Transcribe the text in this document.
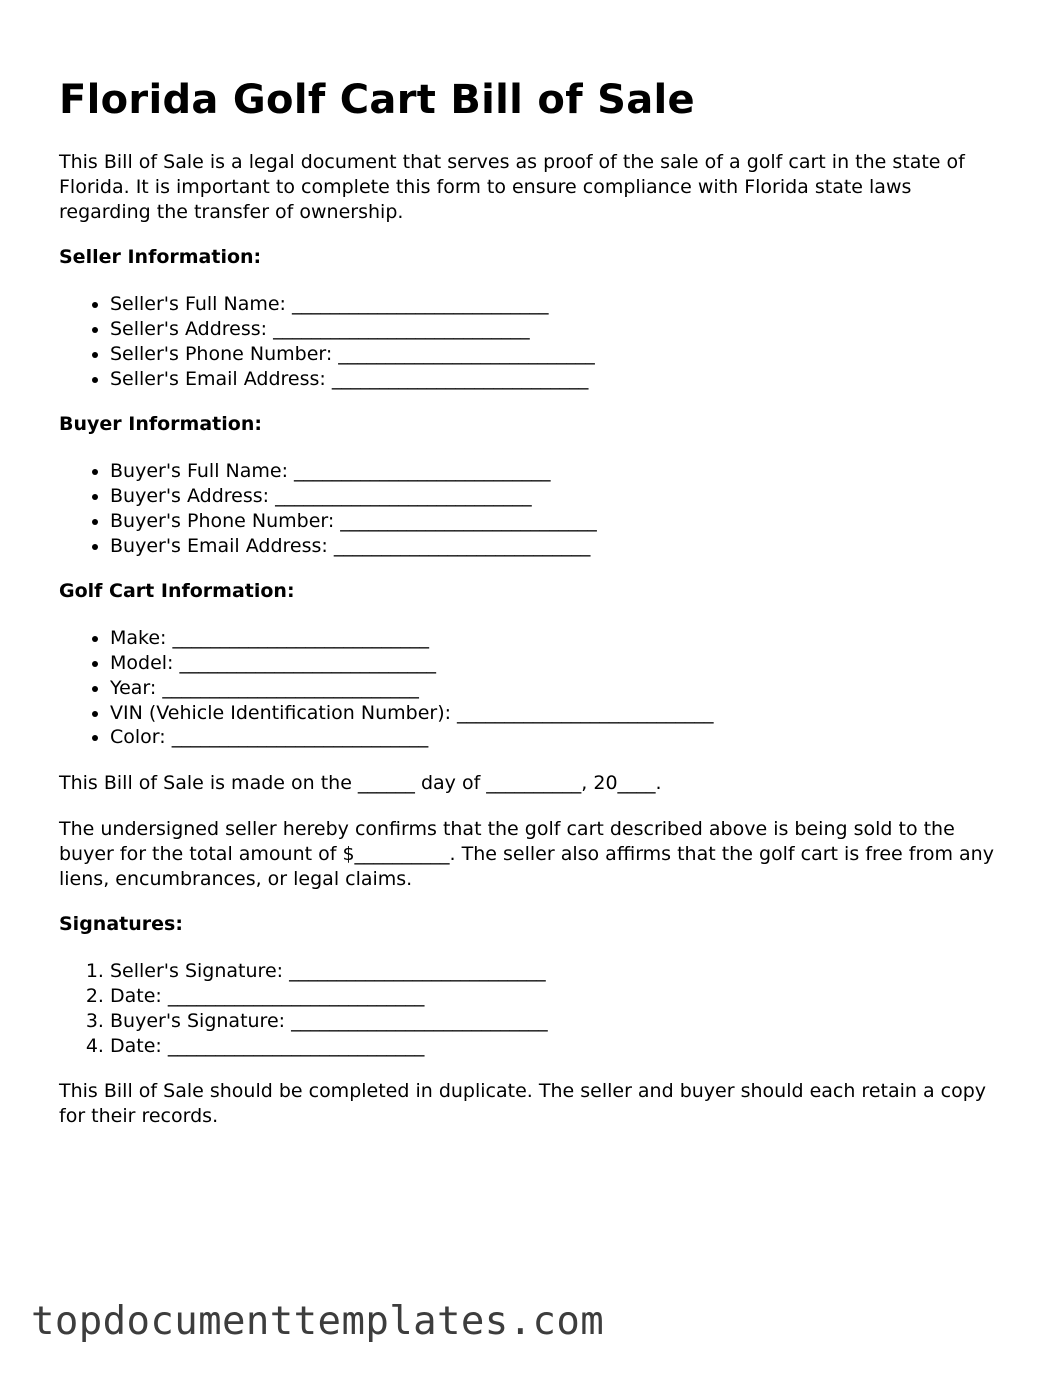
Florida Golf Cart Bill of Sale

This Bill of Sale is a legal document that serves as proof of the sale of a golf cart in the state of Florida. It is important to complete this form to ensure compliance with Florida state laws regarding the transfer of ownership.

Seller Information:
• Seller's Full Name: ___________________________
• Seller's Address: ___________________________
• Seller's Phone Number: ___________________________
• Seller's Email Address: ___________________________
Buyer Information:
• Buyer's Full Name: ___________________________
• Buyer's Address: ___________________________
• Buyer's Phone Number: ___________________________
• Buyer's Email Address: ___________________________
Golf Cart Information:
• Make: ___________________________
• Model: ___________________________
• Year: ___________________________
• VIN (Vehicle Identification Number): ___________________________
• Color: ___________________________

This Bill of Sale is made on the ______ day of __________, 20____.

The undersigned seller hereby confirms that the golf cart described above is being sold to the buyer for the total amount of $__________. The seller also affirms that the golf cart is free from any liens, encumbrances, or legal claims.

Signatures:
1. Seller's Signature: ___________________________
2. Date: ___________________________
3. Buyer's Signature: ___________________________
4. Date: ___________________________

This Bill of Sale should be completed in duplicate. The seller and buyer should each retain a copy for their records.

topdocumenttemplates.com
